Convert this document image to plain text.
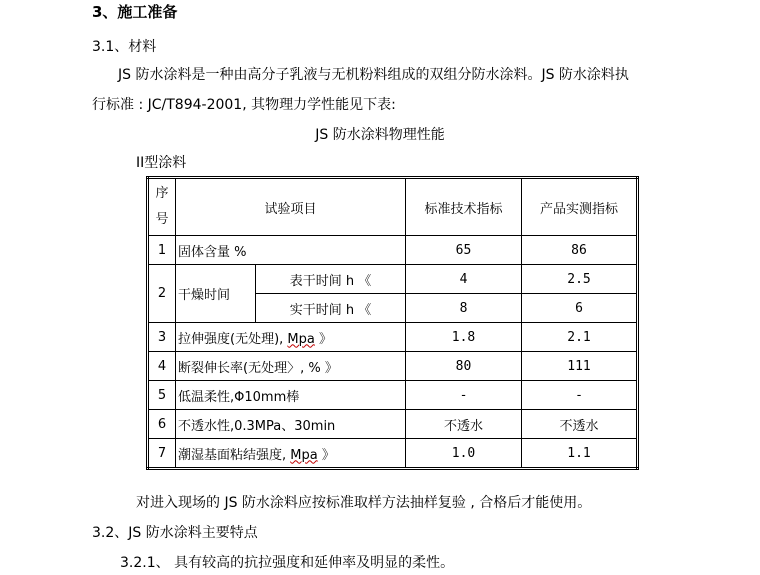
3、施工准备
3.1、材料
JS 防水涂料是一种由高分子乳液与无机粉料组成的双组分防水涂料。JS 防水涂料执
行标准 : JC/T894-2001, 其物理力学性能见下表:
JS 防水涂料物理性能
II型涂料
序号	试验项目		标准技术指标	产品实测指标
1	固体含量 %		65	86
2	干燥时间	表干时间 h 《	4	2.5
		实干时间 h 《	8	6
3	拉伸强度(无处理), Mpa 》		1.8	2.1
4	断裂伸长率(无处理〉, % 》		80	111
5	低温柔性,Φ10mm棒		-	-
6	不透水性,0.3MPa、30min		不透水	不透水
7	潮湿基面粘结强度, Mpa 》		1.0	1.1
对进入现场的 JS 防水涂料应按标准取样方法抽样复验 , 合格后才能使用。
3.2、JS 防水涂料主要特点
3.2.1、 具有较高的抗拉强度和延伸率及明显的柔性。
